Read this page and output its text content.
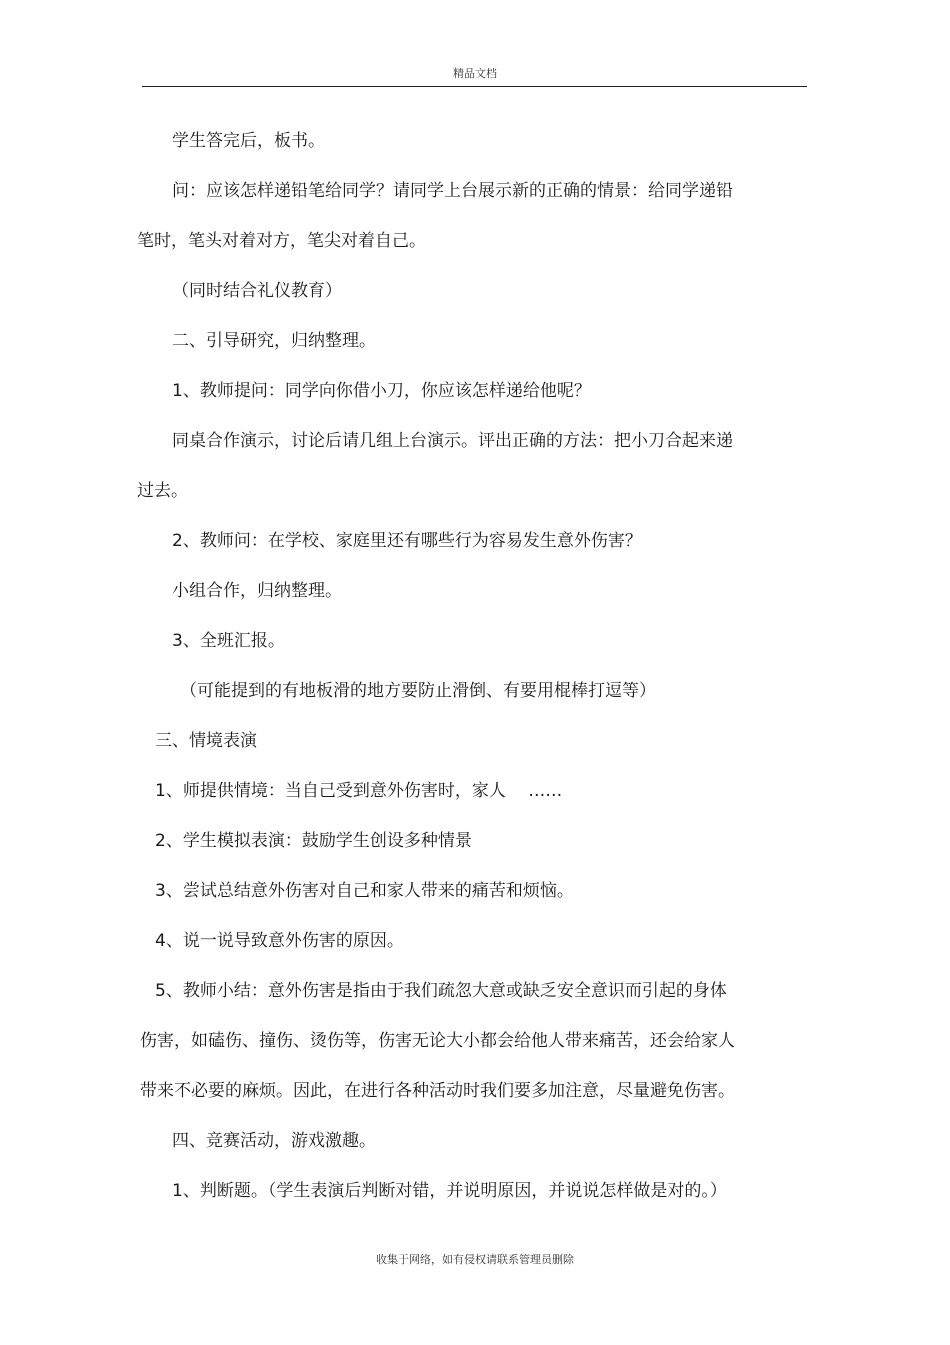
精品文档
学生答完后，板书。
问：应该怎样递铅笔给同学？请同学上台展示新的正确的情景：给同学递铅
笔时，笔头对着对方，笔尖对着自己。
（同时结合礼仪教育）
二、引导研究，归纳整理。
1、教师提问：同学向你借小刀，你应该怎样递给他呢？
同桌合作演示，讨论后请几组上台演示。评出正确的方法：把小刀合起来递
过去。
2、教师问：在学校、家庭里还有哪些行为容易发生意外伤害？
小组合作，归纳整理。
3、全班汇报。
（可能提到的有地板滑的地方要防止滑倒、有要用棍棒打逗等）
三、情境表演
1、师提供情境：当自己受到意外伤害时，家人 　……
2、学生模拟表演：鼓励学生创设多种情景
3、尝试总结意外伤害对自己和家人带来的痛苦和烦恼。
4、说一说导致意外伤害的原因。
5、教师小结：意外伤害是指由于我们疏忽大意或缺乏安全意识而引起的身体
伤害，如磕伤、撞伤、烫伤等，伤害无论大小都会给他人带来痛苦，还会给家人
带来不必要的麻烦。因此，在进行各种活动时我们要多加注意，尽量避免伤害。
四、竞赛活动，游戏激趣。
1、判断题。（学生表演后判断对错，并说明原因，并说说怎样做是对的。）
收集于网络，如有侵权请联系管理员删除
